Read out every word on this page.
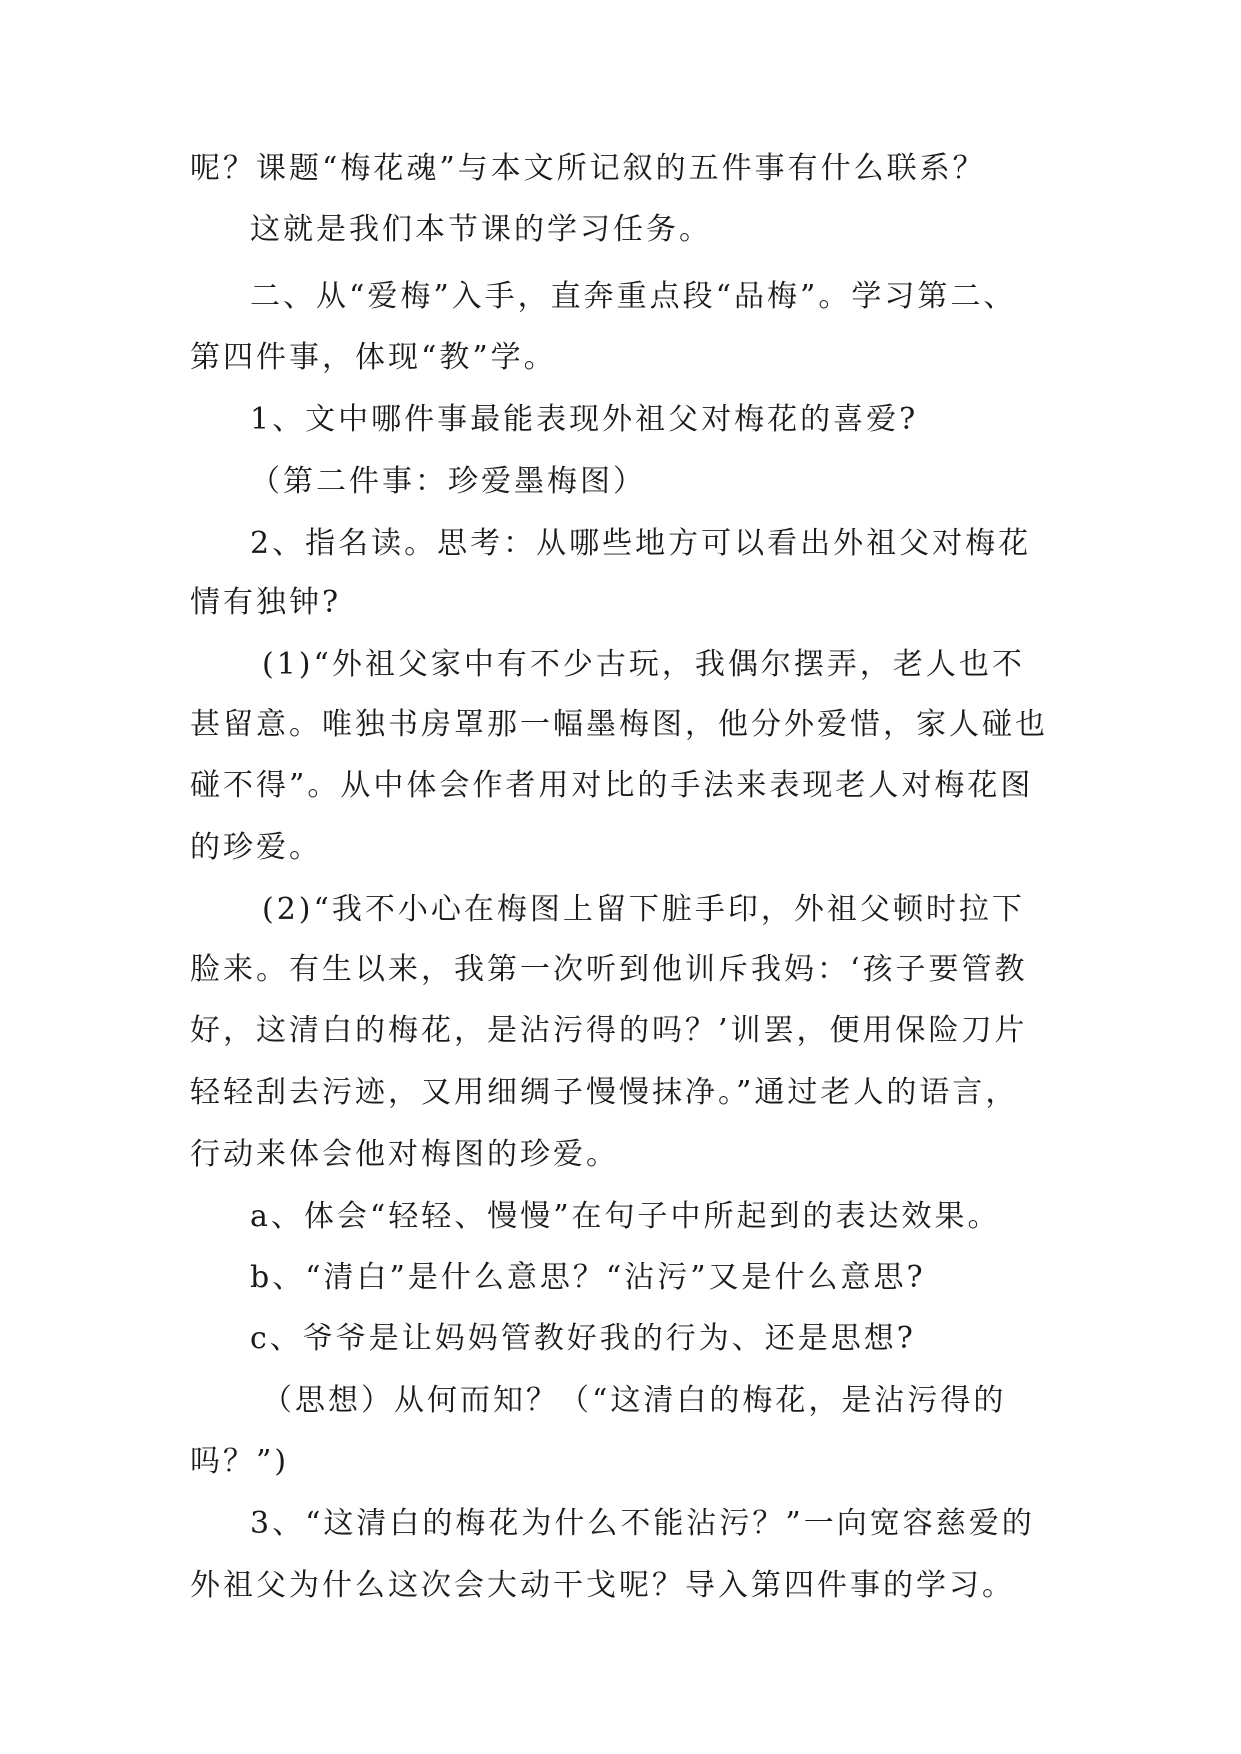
呢？课题“梅花魂”与本文所记叙的五件事有什么联系？
这就是我们本节课的学习任务。
二、从“爱梅”入手，直奔重点段“品梅”。学习第二、
第四件事，体现“教”学。
1、文中哪件事最能表现外祖父对梅花的喜爱?
（第二件事：珍爱墨梅图）
2、指名读。思考：从哪些地方可以看出外祖父对梅花
情有独钟?
(1)“外祖父家中有不少古玩，我偶尔摆弄，老人也不
甚留意。唯独书房罩那一幅墨梅图，他分外爱惜，家人碰也
碰不得”。从中体会作者用对比的手法来表现老人对梅花图
的珍爱。
(2)“我不小心在梅图上留下脏手印，外祖父顿时拉下
脸来。有生以来，我第一次听到他训斥我妈：‘孩子要管教
好，这清白的梅花，是沾污得的吗？’训罢，便用保险刀片
轻轻刮去污迹，又用细绸子慢慢抹净。”通过老人的语言，
行动来体会他对梅图的珍爱。
a、体会“轻轻、慢慢”在句子中所起到的表达效果。
b、“清白”是什么意思？“沾污”又是什么意思?
c、爷爷是让妈妈管教好我的行为、还是思想?
（思想）从何而知？（“这清白的梅花，是沾污得的
吗？”)
3、“这清白的梅花为什么不能沾污？”一向宽容慈爱的
外祖父为什么这次会大动干戈呢？导入第四件事的学习。
